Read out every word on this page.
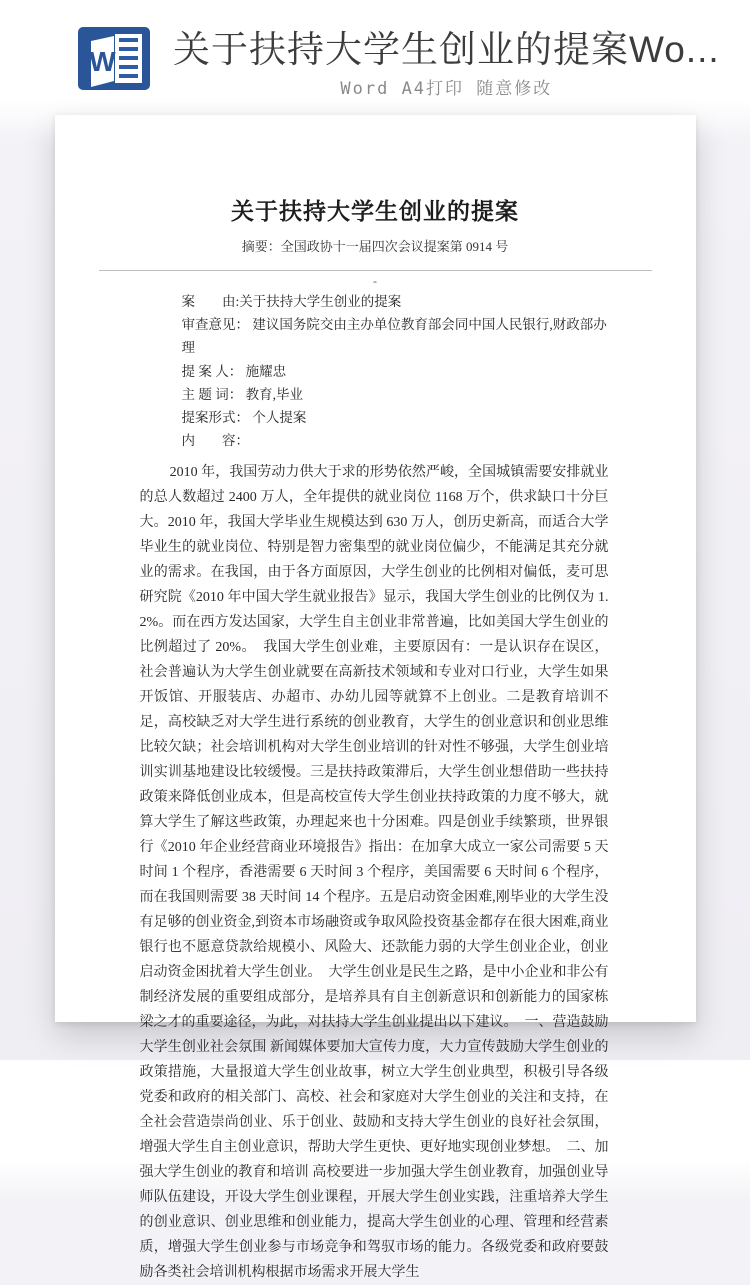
W 关于扶持大学生创业的提案Wo...
Word A4打印 随意修改
关于扶持大学生创业的提案
摘要：全国政协十一届四次会议提案第 0914 号
-
案　　由:关于扶持大学生创业的提案
审查意见： 建议国务院交由主办单位教育部会同中国人民银行,财政部办理
提 案 人： 施耀忠
主 题 词： 教育,毕业
提案形式： 个人提案
内　　容：

2010 年，我国劳动力供大于求的形势依然严峻，全国城镇需要安排就业的总人数超过 2400 万人，全年提供的就业岗位 1168 万个，供求缺口十分巨大。2010 年，我国大学毕业生规模达到 630 万人，创历史新高，而适合大学毕业生的就业岗位、特别是智力密集型的就业岗位偏少，不能满足其充分就业的需求。在我国，由于各方面原因，大学生创业的比例相对偏低，麦可思研究院《2010 年中国大学生就业报告》显示，我国大学生创业的比例仅为 1.2%。而在西方发达国家，大学生自主创业非常普遍，比如美国大学生创业的比例超过了 20%。　我国大学生创业难，主要原因有：一是认识存在误区，社会普遍认为大学生创业就要在高新技术领域和专业对口行业，大学生如果开饭馆、开服装店、办超市、办幼儿园等就算不上创业。二是教育培训不足，高校缺乏对大学生进行系统的创业教育，大学生的创业意识和创业思维比较欠缺；社会培训机构对大学生创业培训的针对性不够强，大学生创业培训实训基地建设比较缓慢。三是扶持政策滞后，大学生创业想借助一些扶持政策来降低创业成本，但是高校宣传大学生创业扶持政策的力度不够大，就算大学生了解这些政策，办理起来也十分困难。四是创业手续繁琐，世界银行《2010 年企业经营商业环境报告》指出：在加拿大成立一家公司需要 5 天时间 1 个程序，香港需要 6 天时间 3 个程序，美国需要 6 天时间 6 个程序，而在我国则需要 38 天时间 14 个程序。五是启动资金困难,刚毕业的大学生没有足够的创业资金,到资本市场融资或争取风险投资基金都存在很大困难,商业银行也不愿意贷款给规模小、风险大、还款能力弱的大学生创业企业，创业启动资金困扰着大学生创业。　大学生创业是民生之路，是中小企业和非公有制经济发展的重要组成部分，是培养具有自主创新意识和创新能力的国家栋梁之才的重要途径，为此，对扶持大学生创业提出以下建议。　一、营造鼓励大学生创业社会氛围 新闻媒体要加大宣传力度，大力宣传鼓励大学生创业的政策措施，大量报道大学生创业故事，树立大学生创业典型，积极引导各级党委和政府的相关部门、高校、社会和家庭对大学生创业的关注和支持，在全社会营造崇尚创业、乐于创业、鼓励和支持大学生创业的良好社会氛围，增强大学生自主创业意识，帮助大学生更快、更好地实现创业梦想。　二、加强大学生创业的教育和培训 高校要进一步加强大学生创业教育，加强创业导师队伍建设，开设大学生创业课程，开展大学生创业实践，注重培养大学生的创业意识、创业思维和创业能力，提高大学生创业的心理、管理和经营素质，增强大学生创业参与市场竞争和驾驭市场的能力。各级党委和政府要鼓励各类社会培训机构根据市场需求开展大学生
